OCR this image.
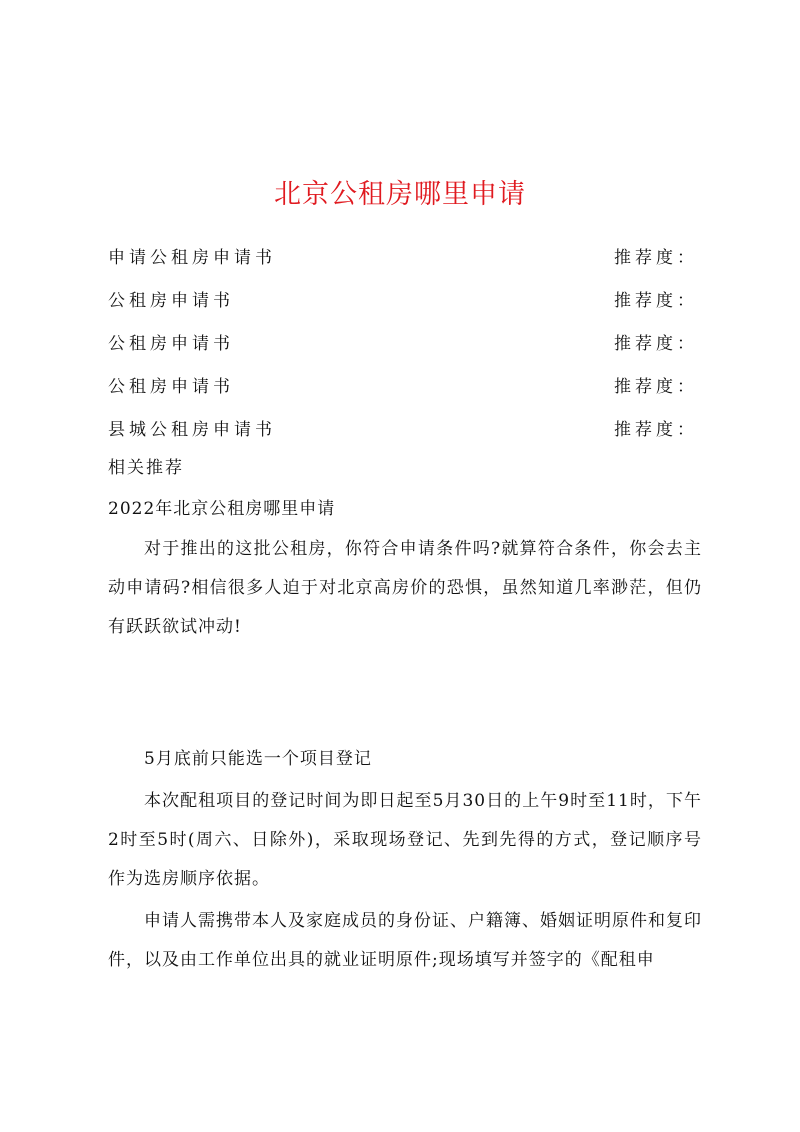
北京公租房哪里申请
申请公租房申请书	推荐度：
公租房申请书	推荐度：
公租房申请书	推荐度：
公租房申请书	推荐度：
县城公租房申请书	推荐度：
相关推荐
2022年北京公租房哪里申请

对于推出的这批公租房，你符合申请条件吗?就算符合条件，你会去主动申请码?相信很多人迫于对北京高房价的恐惧，虽然知道几率渺茫，但仍有跃跃欲试冲动!

5月底前只能选一个项目登记

本次配租项目的登记时间为即日起至5月30日的上午9时至11时，下午2时至5时(周六、日除外)，采取现场登记、先到先得的方式，登记顺序号作为选房顺序依据。

申请人需携带本人及家庭成员的身份证、户籍簿、婚姻证明原件和复印件，以及由工作单位出具的就业证明原件;现场填写并签字的《配租申
